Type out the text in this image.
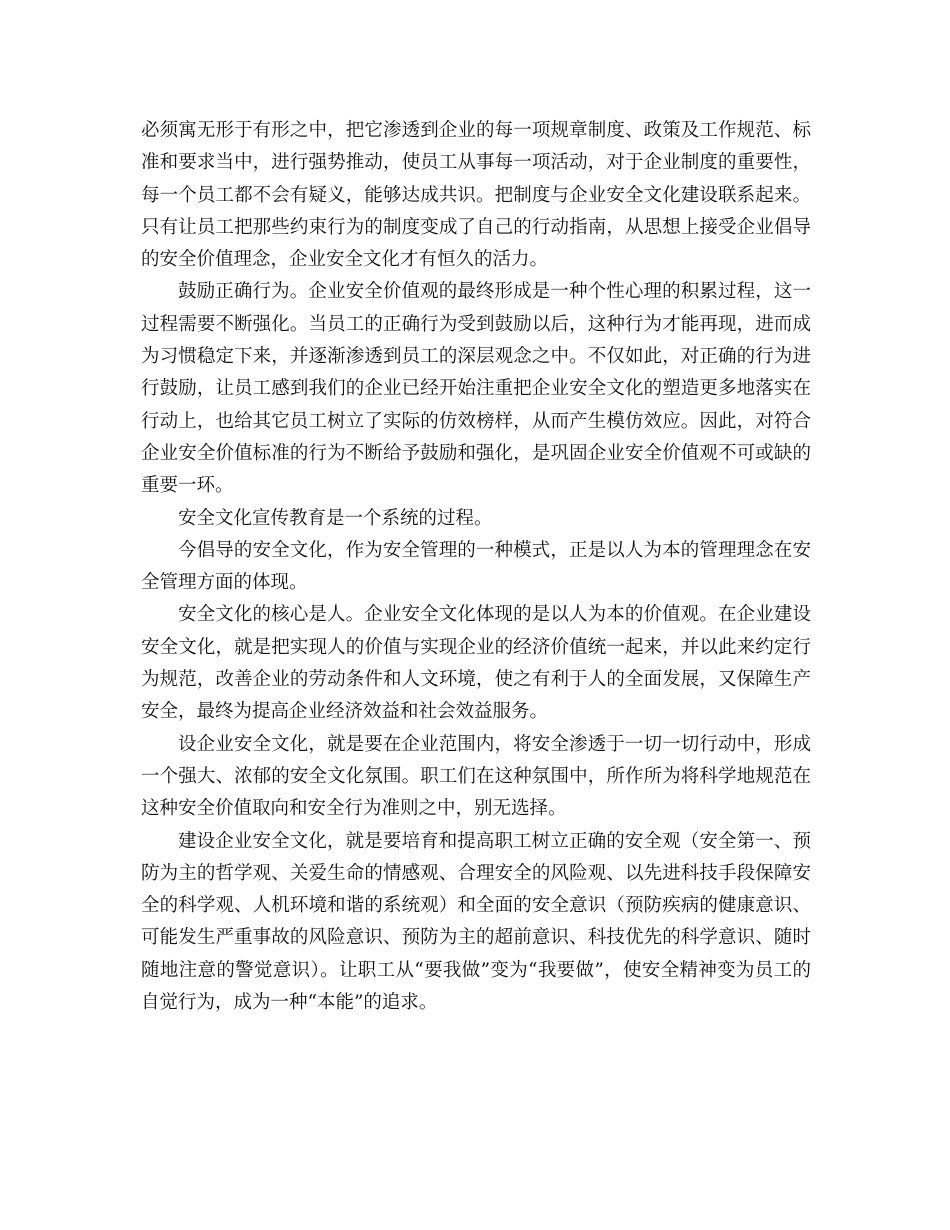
必须寓无形于有形之中，把它渗透到企业的每一项规章制度、政策及工作规范、标准和要求当中，进行强势推动，使员工从事每一项活动，对于企业制度的重要性，每一个员工都不会有疑义，能够达成共识。把制度与企业安全文化建设联系起来。只有让员工把那些约束行为的制度变成了自己的行动指南，从思想上接受企业倡导的安全价值理念，企业安全文化才有恒久的活力。

鼓励正确行为。企业安全价值观的最终形成是一种个性心理的积累过程，这一过程需要不断强化。当员工的正确行为受到鼓励以后，这种行为才能再现，进而成为习惯稳定下来，并逐渐渗透到员工的深层观念之中。不仅如此，对正确的行为进行鼓励，让员工感到我们的企业已经开始注重把企业安全文化的塑造更多地落实在行动上，也给其它员工树立了实际的仿效榜样，从而产生模仿效应。因此，对符合企业安全价值标准的行为不断给予鼓励和强化，是巩固企业安全价值观不可或缺的重要一环。

安全文化宣传教育是一个系统的过程。

今倡导的安全文化，作为安全管理的一种模式，正是以人为本的管理理念在安全管理方面的体现。

安全文化的核心是人。企业安全文化体现的是以人为本的价值观。在企业建设安全文化，就是把实现人的价值与实现企业的经济价值统一起来，并以此来约定行为规范，改善企业的劳动条件和人文环境，使之有利于人的全面发展，又保障生产安全，最终为提高企业经济效益和社会效益服务。

设企业安全文化，就是要在企业范围内，将安全渗透于一切一切行动中，形成一个强大、浓郁的安全文化氛围。职工们在这种氛围中，所作所为将科学地规范在这种安全价值取向和安全行为准则之中，别无选择。

建设企业安全文化，就是要培育和提高职工树立正确的安全观（安全第一、预防为主的哲学观、关爱生命的情感观、合理安全的风险观、以先进科技手段保障安全的科学观、人机环境和谐的系统观）和全面的安全意识（预防疾病的健康意识、可能发生严重事故的风险意识、预防为主的超前意识、科技优先的科学意识、随时随地注意的警觉意识）。让职工从“要我做”变为“我要做”，使安全精神变为员工的自觉行为，成为一种“本能”的追求。
